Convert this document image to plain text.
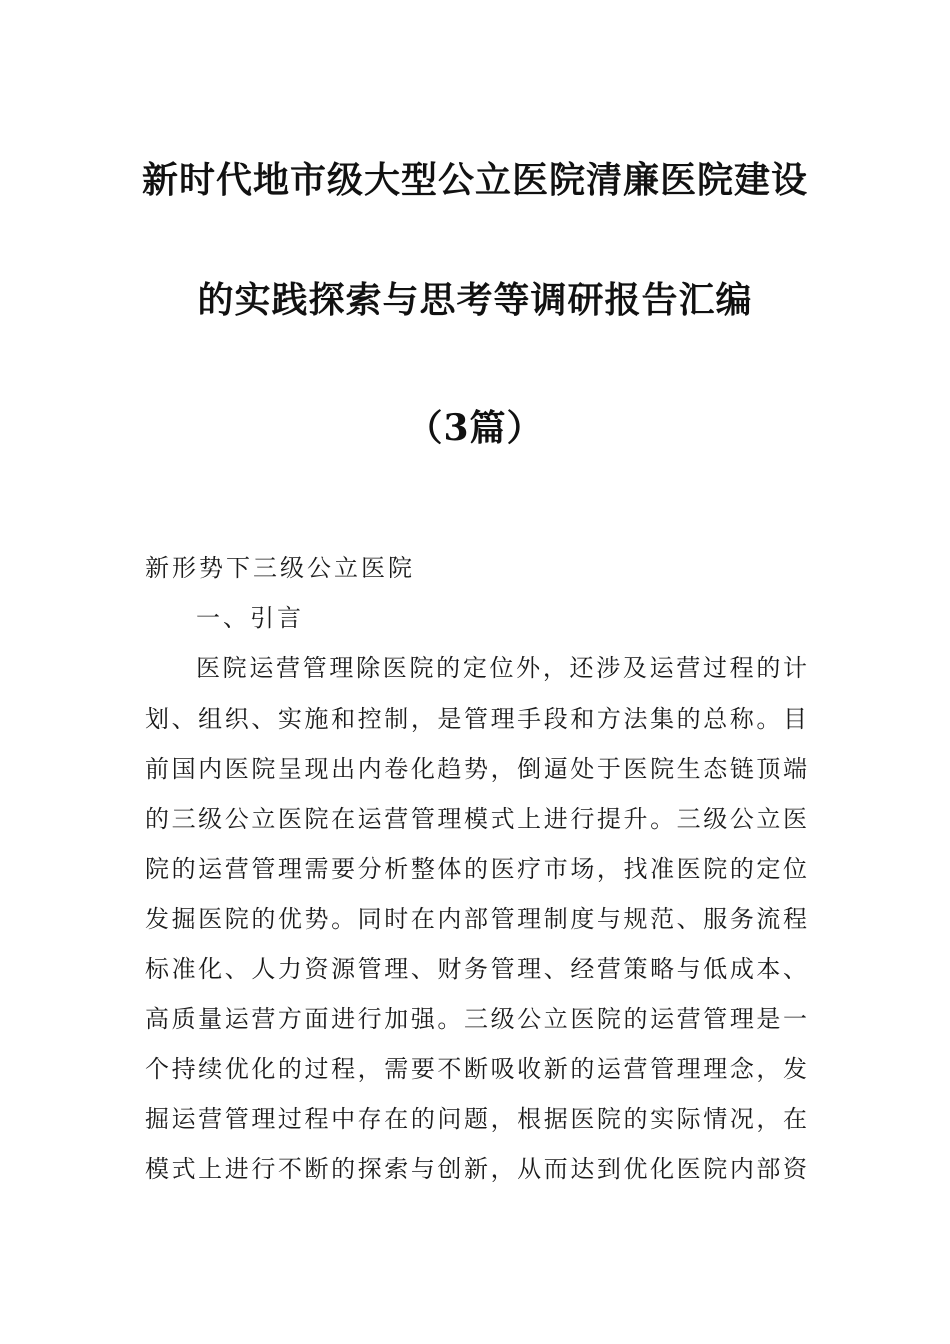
新时代地市级大型公立医院清廉医院建设
的实践探索与思考等调研报告汇编
（3篇）
新形势下三级公立医院
一、引言
医院运营管理除医院的定位外，还涉及运营过程的计
划、组织、实施和控制，是管理手段和方法集的总称。目
前国内医院呈现出内卷化趋势，倒逼处于医院生态链顶端
的三级公立医院在运营管理模式上进行提升。三级公立医
院的运营管理需要分析整体的医疗市场，找准医院的定位
发掘医院的优势。同时在内部管理制度与规范、服务流程
标准化、人力资源管理、财务管理、经营策略与低成本、
高质量运营方面进行加强。三级公立医院的运营管理是一
个持续优化的过程，需要不断吸收新的运营管理理念，发
掘运营管理过程中存在的问题，根据医院的实际情况，在
模式上进行不断的探索与创新，从而达到优化医院内部资
